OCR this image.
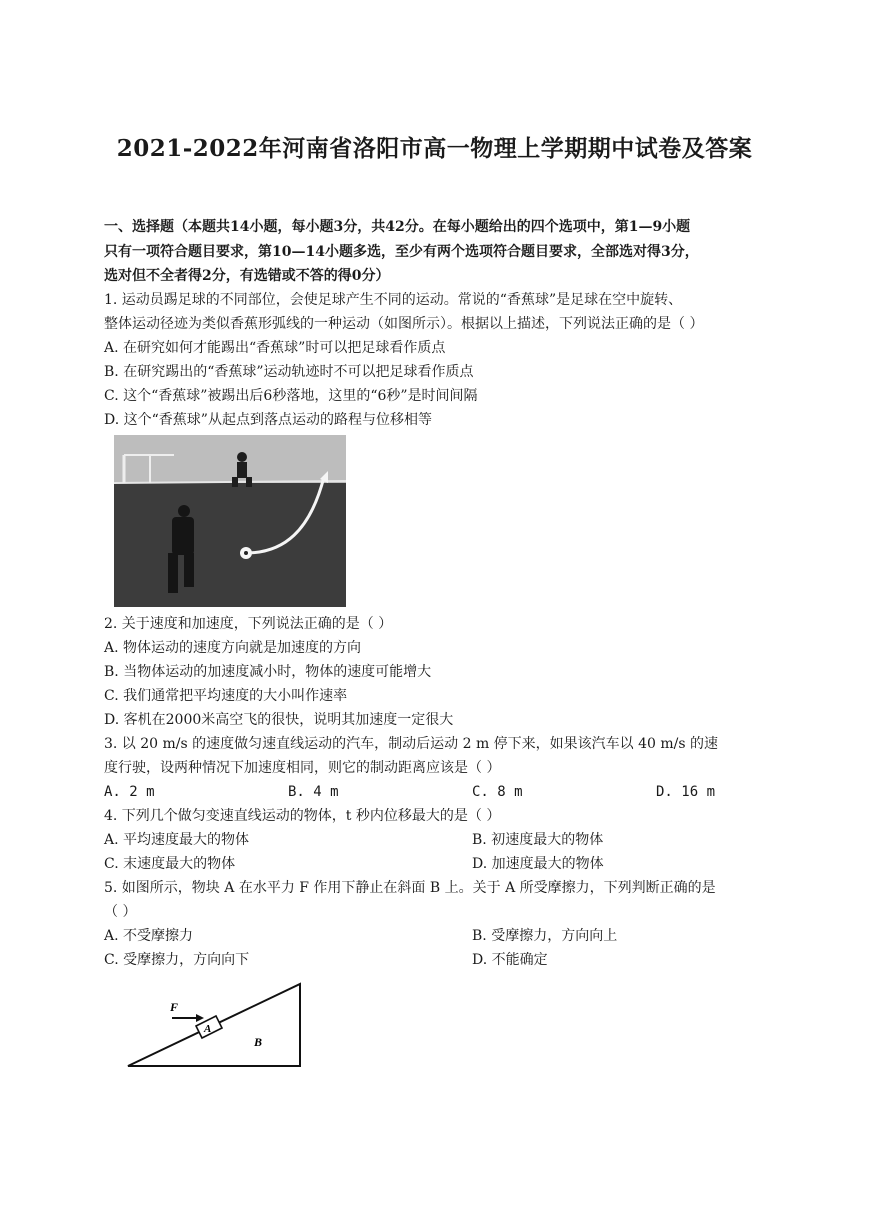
2021-2022年河南省洛阳市高一物理上学期期中试卷及答案
一、选择题（本题共14小题，每小题3分，共42分。在每小题给出的四个选项中，第1—9小题
只有一项符合题目要求，第10—14小题多选，至少有两个选项符合题目要求，全部选对得3分，
选对但不全者得2分，有选错或不答的得0分）
1. 运动员踢足球的不同部位，会使足球产生不同的运动。常说的“香蕉球”是足球在空中旋转、
整体运动径迹为类似香蕉形弧线的一种运动（如图所示）。根据以上描述，下列说法正确的是（ ）
A. 在研究如何才能踢出“香蕉球”时可以把足球看作质点
B. 在研究踢出的“香蕉球”运动轨迹时不可以把足球看作质点
C. 这个“香蕉球”被踢出后6秒落地，这里的“6秒”是时间间隔
D. 这个“香蕉球”从起点到落点运动的路程与位移相等
2. 关于速度和加速度，下列说法正确的是（ ）
A. 物体运动的速度方向就是加速度的方向
B. 当物体运动的加速度减小时，物体的速度可能增大
C. 我们通常把平均速度的大小叫作速率
D. 客机在2000米高空飞的很快，说明其加速度一定很大
3. 以 20 m/s 的速度做匀速直线运动的汽车，制动后运动 2 m 停下来，如果该汽车以 40 m/s 的速
度行驶，设两种情况下加速度相同，则它的制动距离应该是（ ）
A. 2 m	B. 4 m	C. 8 m	D. 16 m
4. 下列几个做匀变速直线运动的物体，t 秒内位移最大的是（ ）
A. 平均速度最大的物体	B. 初速度最大的物体
C. 末速度最大的物体	D. 加速度最大的物体
5. 如图所示，物块 A 在水平力 F 作用下静止在斜面 B 上。关于 A 所受摩擦力，下列判断正确的是
（ ）
A. 不受摩擦力	B. 受摩擦力，方向向上
C. 受摩擦力，方向向下	D. 不能确定
F
A
B
